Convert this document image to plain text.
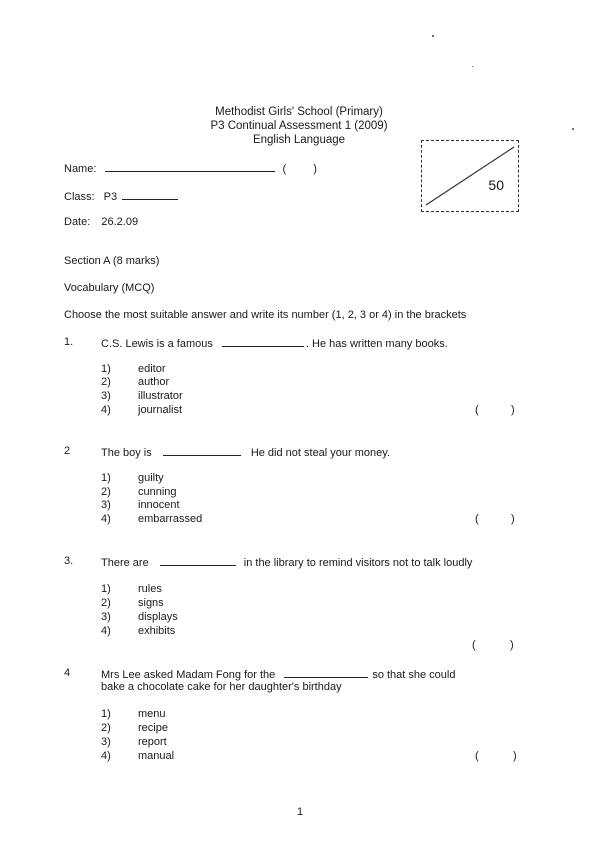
Methodist Girls' School (Primary)
P3 Continual Assessment 1 (2009)
English Language
50
Name:	( )
Class: P3
Date: 26.2.09
Section A (8 marks)
Vocabulary (MCQ)
Choose the most suitable answer and write its number (1, 2, 3 or 4) in the brackets
1.	C.S. Lewis is a famous	. He has written many books.
1) editor
2) author
3) illustrator
4) journalist	(	)
2	The boy is	He did not steal your money.
1) guilty
2) cunning
3) innocent
4) embarrassed	(	)
3.	There are	in the library to remind visitors not to talk loudly
1) rules
2) signs
3) displays
4) exhibits
(	)
4	Mrs Lee asked Madam Fong for the	so that she could
bake a chocolate cake for her daughter's birthday
1) menu
2) recipe
3) report
4) manual	(	)
1
